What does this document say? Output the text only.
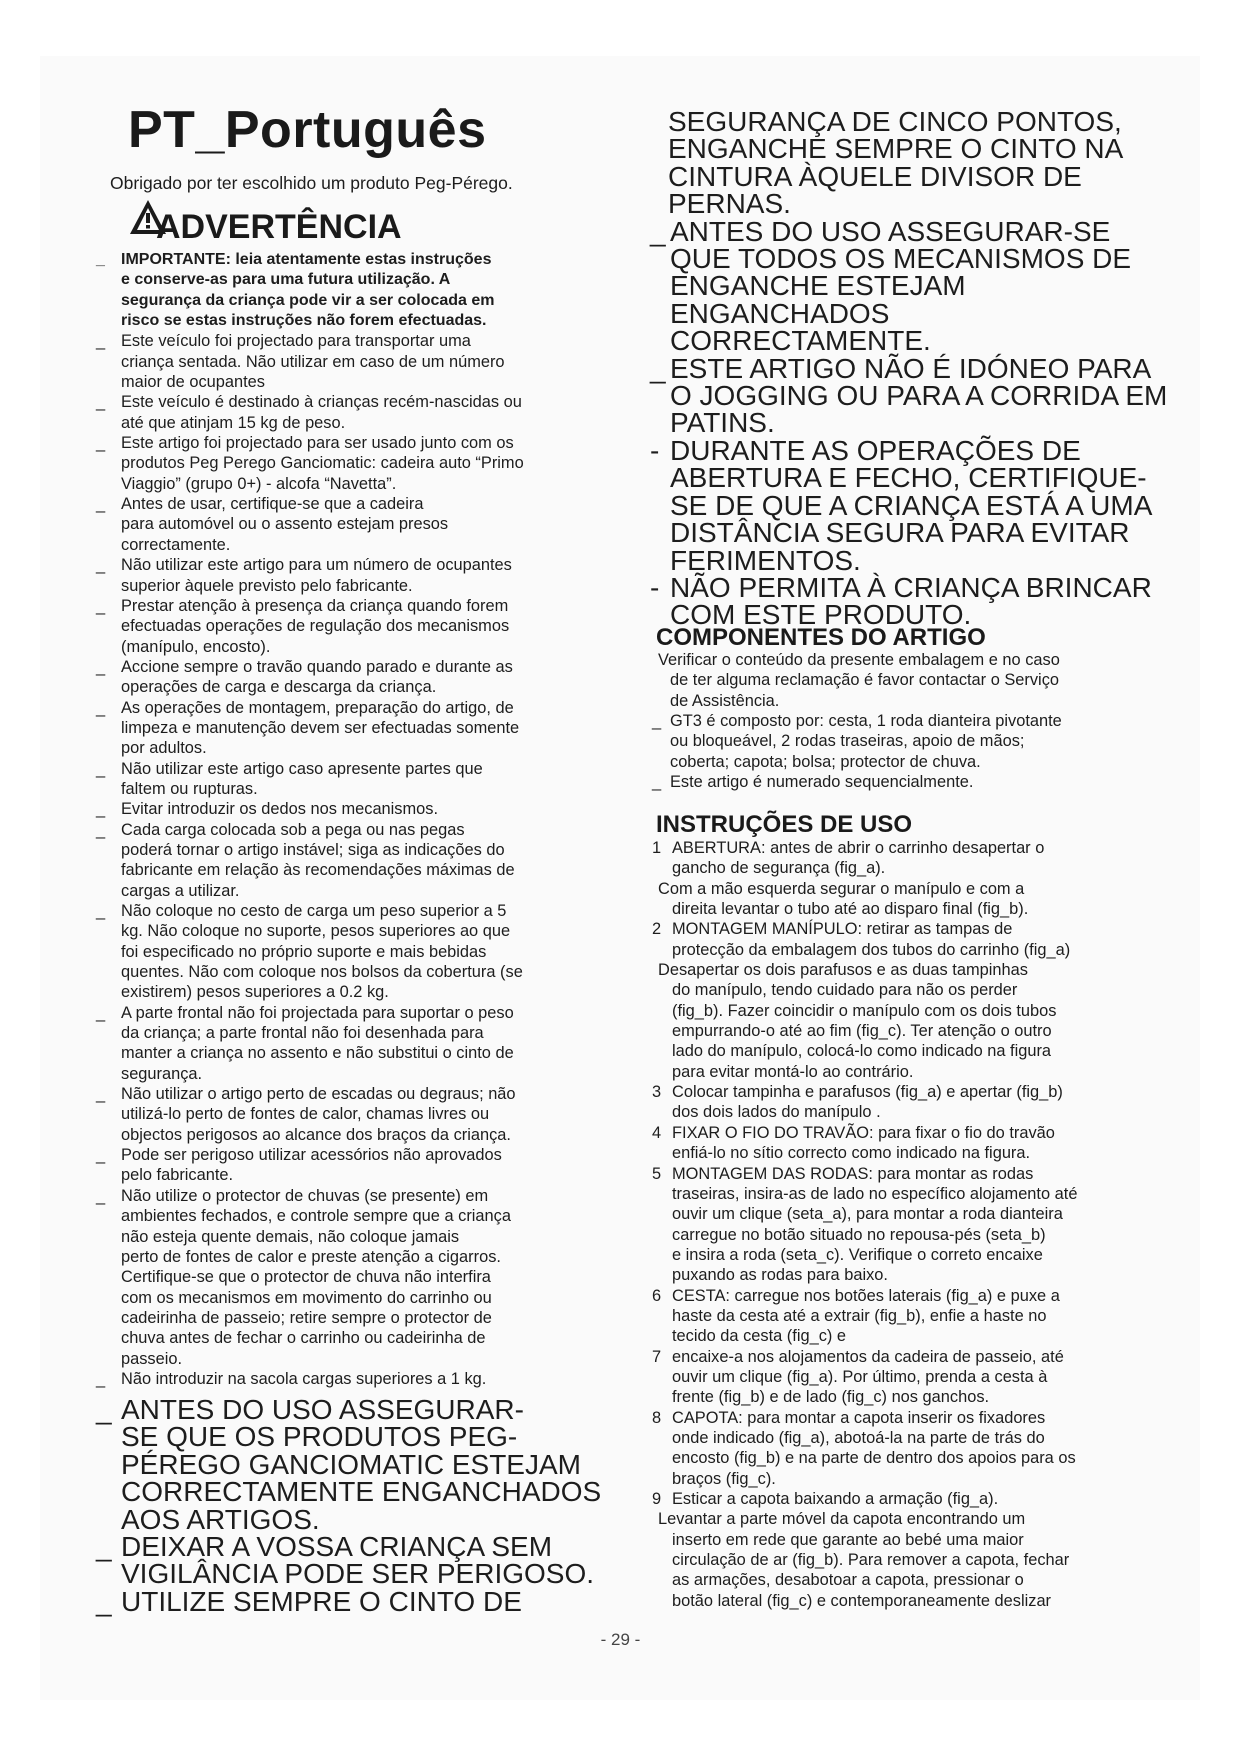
PT_Português
Obrigado por ter escolhido um produto Peg-Pérego.
ADVERTÊNCIA
_ IMPORTANTE: leia atentamente estas instruções
e conserve-as para uma futura utilização. A
segurança da criança pode vir a ser colocada em
risco se estas instruções não forem efectuadas.
_ Este veículo foi projectado para transportar uma
criança sentada. Não utilizar em caso de um número
maior de ocupantes
_ Este veículo é destinado à crianças recém-nascidas ou
até que atinjam 15 kg de peso.
_ Este artigo foi projectado para ser usado junto com os
produtos Peg Perego Ganciomatic: cadeira auto “Primo
Viaggio” (grupo 0+) - alcofa “Navetta”.
_ Antes de usar, certifique-se que a cadeira
para automóvel ou o assento estejam presos
correctamente.
_ Não utilizar este artigo para um número de ocupantes
superior àquele previsto pelo fabricante.
_ Prestar atenção à presença da criança quando forem
efectuadas operações de regulação dos mecanismos
(manípulo, encosto).
_ Accione sempre o travão quando parado e durante as
operações de carga e descarga da criança.
_ As operações de montagem, preparação do artigo, de
limpeza e manutenção devem ser efectuadas somente
por adultos.
_ Não utilizar este artigo caso apresente partes que
faltem ou rupturas.
_ Evitar introduzir os dedos nos mecanismos.
_ Cada carga colocada sob a pega ou nas pegas
poderá tornar o artigo instável; siga as indicações do
fabricante em relação às recomendações máximas de
cargas a utilizar.
_ Não coloque no cesto de carga um peso superior a 5
kg. Não coloque no suporte, pesos superiores ao que
foi especificado no próprio suporte e mais bebidas
quentes. Não com coloque nos bolsos da cobertura (se
existirem) pesos superiores a 0.2 kg.
_ A parte frontal não foi projectada para suportar o peso
da criança; a parte frontal não foi desenhada para
manter a criança no assento e não substitui o cinto de
segurança.
_ Não utilizar o artigo perto de escadas ou degraus; não
utilizá-lo perto de fontes de calor, chamas livres ou
objectos perigosos ao alcance dos braços da criança.
_ Pode ser perigoso utilizar acessórios não aprovados
pelo fabricante.
_ Não utilize o protector de chuvas (se presente) em
ambientes fechados, e controle sempre que a criança
não esteja quente demais, não coloque jamais
perto de fontes de calor e preste atenção a cigarros.
Certifique-se que o protector de chuva não interfira
com os mecanismos em movimento do carrinho ou
cadeirinha de passeio; retire sempre o protector de
chuva antes de fechar o carrinho ou cadeirinha de
passeio.
_ Não introduzir na sacola cargas superiores a 1 kg.
_ ANTES DO USO ASSEGURAR-
SE QUE OS PRODUTOS PEG-
PÉREGO GANCIOMATIC ESTEJAM
CORRECTAMENTE ENGANCHADOS
AOS ARTIGOS.
_ DEIXAR A VOSSA CRIANÇA SEM
VIGILÂNCIA PODE SER PERIGOSO.
_ UTILIZE SEMPRE O CINTO DE
SEGURANÇA DE CINCO PONTOS,
ENGANCHE SEMPRE O CINTO NA
CINTURA ÀQUELE DIVISOR DE
PERNAS.
_ ANTES DO USO ASSEGURAR-SE
QUE TODOS OS MECANISMOS DE
ENGANCHE ESTEJAM ENGANCHADOS
CORRECTAMENTE.
_ ESTE ARTIGO NÃO É IDÓNEO PARA
O JOGGING OU PARA A CORRIDA EM
PATINS.
- DURANTE AS OPERAÇÕES DE
ABERTURA E FECHO, CERTIFIQUE-
SE DE QUE A CRIANÇA ESTÁ A UMA
DISTÂNCIA SEGURA PARA EVITAR
FERIMENTOS.
- NÃO PERMITA À CRIANÇA BRINCAR
COM ESTE PRODUTO.
COMPONENTES DO ARTIGO
Verificar o conteúdo da presente embalagem e no caso
de ter alguma reclamação é favor contactar o Serviço
de Assistência.
_ GT3 é composto por: cesta, 1 roda dianteira pivotante
ou bloqueável, 2 rodas traseiras, apoio de mãos;
coberta; capota; bolsa; protector de chuva.
_ Este artigo é numerado sequencialmente.
INSTRUÇÕES DE USO
1 ABERTURA: antes de abrir o carrinho desapertar o
gancho de segurança (fig_a).
Com a mão esquerda segurar o manípulo e com a
direita levantar o tubo até ao disparo final (fig_b).
2 MONTAGEM MANÍPULO: retirar as tampas de
protecção da embalagem dos tubos do carrinho (fig_a)
Desapertar os dois parafusos e as duas tampinhas
do manípulo, tendo cuidado para não os perder
(fig_b). Fazer coincidir o manípulo com os dois tubos
empurrando-o até ao fim (fig_c). Ter atenção o outro
lado do manípulo, colocá-lo como indicado na figura
para evitar montá-lo ao contrário.
3 Colocar tampinha e parafusos (fig_a) e apertar (fig_b)
dos dois lados do manípulo .
4 FIXAR O FIO DO TRAVÃO: para fixar o fio do travão
enfiá-lo no sítio correcto como indicado na figura.
5 MONTAGEM DAS RODAS: para montar as rodas
traseiras, insira-as de lado no específico alojamento até
ouvir um clique (seta_a), para montar a roda dianteira
carregue no botão situado no repousa-pés (seta_b)
e insira a roda (seta_c). Verifique o correto encaixe
puxando as rodas para baixo.
6 CESTA: carregue nos botões laterais (fig_a) e puxe a
haste da cesta até a extrair (fig_b), enfie a haste no
tecido da cesta (fig_c) e
7 encaixe-a nos alojamentos da cadeira de passeio, até
ouvir um clique (fig_a). Por último, prenda a cesta à
frente (fig_b) e de lado (fig_c) nos ganchos.
8 CAPOTA: para montar a capota inserir os fixadores
onde indicado (fig_a), abotoá-la na parte de trás do
encosto (fig_b) e na parte de dentro dos apoios para os
braços (fig_c).
9 Esticar a capota baixando a armação (fig_a).
Levantar a parte móvel da capota encontrando um
inserto em rede que garante ao bebé uma maior
circulação de ar (fig_b). Para remover a capota, fechar
as armações, desabotoar a capota, pressionar o
botão lateral (fig_c) e contemporaneamente deslizar
- 29 -
